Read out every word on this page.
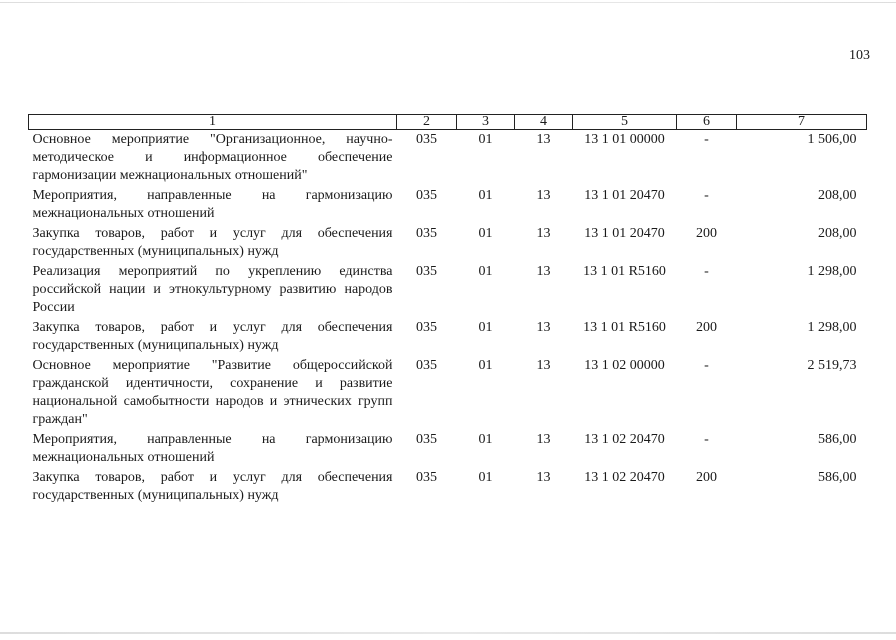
103
1	2	3	4	5	6	7
Основное мероприятие "Организационное, научно-методическое и информационное обеспечение гармонизации межнациональных отношений"	035	01	13	13 1 01 00000	-	1 506,00
Мероприятия, направленные на гармонизацию межнациональных отношений	035	01	13	13 1 01 20470	-	208,00
Закупка товаров, работ и услуг для обеспечения государственных (муниципальных) нужд	035	01	13	13 1 01 20470	200	208,00
Реализация мероприятий по укреплению единства российской нации и этнокультурному развитию народов России	035	01	13	13 1 01 R5160	-	1 298,00
Закупка товаров, работ и услуг для обеспечения государственных (муниципальных) нужд	035	01	13	13 1 01 R5160	200	1 298,00
Основное мероприятие "Развитие общероссийской гражданской идентичности, сохранение и развитие национальной самобытности народов и этнических групп граждан"	035	01	13	13 1 02 00000	-	2 519,73
Мероприятия, направленные на гармонизацию межнациональных отношений	035	01	13	13 1 02 20470	-	586,00
Закупка товаров, работ и услуг для обеспечения государственных (муниципальных) нужд	035	01	13	13 1 02 20470	200	586,00
